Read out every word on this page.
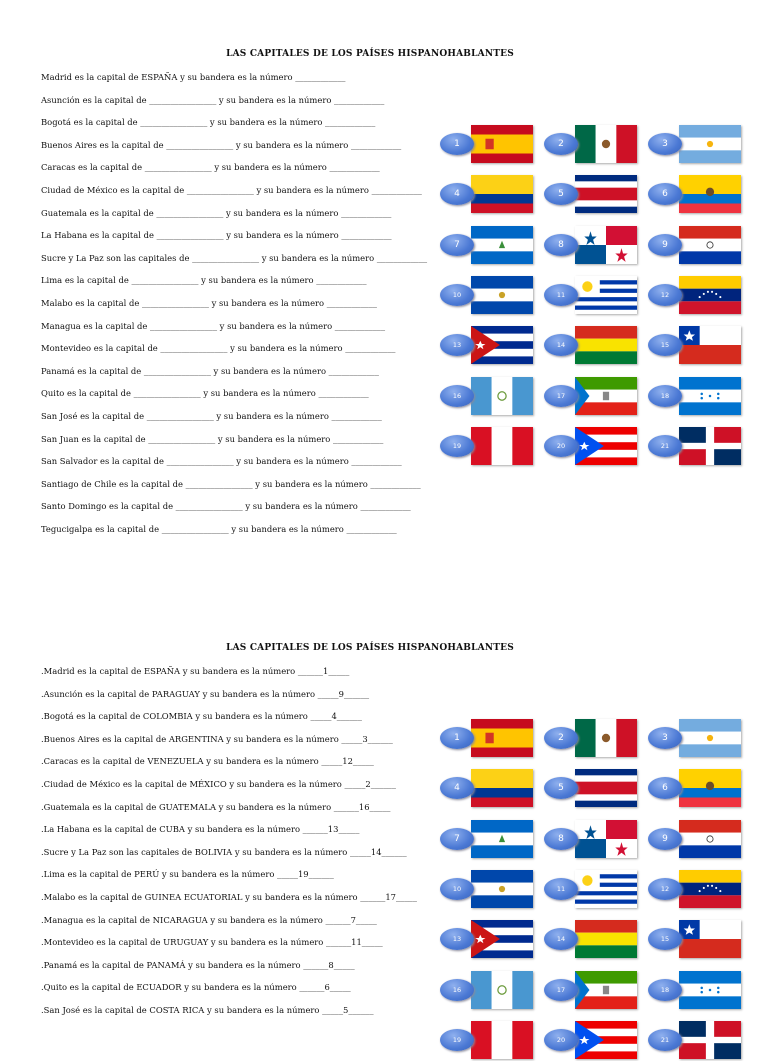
LAS CAPITALES DE LOS PAÍSES HISPANOHABLANTES
Madrid es la capital de ESPAÑA y su bandera es la número ____________
Asunción es la capital de ________________ y su bandera es la número ____________
Bogotá es la capital de ________________ y su bandera es la número ____________
Buenos Aires es la capital de ________________ y su bandera es la número ____________
Caracas es la capital de ________________ y su bandera es la número ____________
Ciudad de México es la capital de ________________ y su bandera es la número ____________
Guatemala es la capital de ________________ y su bandera es la número ____________
La Habana es la capital de ________________ y su bandera es la número ____________
Sucre y La Paz son las capitales de ________________ y su bandera es la número ____________
Lima es la capital de ________________ y su bandera es la número ____________
Malabo es la capital de ________________ y su bandera es la número ____________
Managua es la capital de ________________ y su bandera es la número ____________
Montevideo es la capital de ________________ y su bandera es la número ____________
Panamá es la capital de ________________ y su bandera es la número ____________
Quito es la capital de ________________ y su bandera es la número ____________
San José es la capital de ________________ y su bandera es la número ____________
San Juan es la capital de ________________ y su bandera es la número ____________
San Salvador es la capital de ________________ y su bandera es la número ____________
Santiago de Chile es la capital de ________________ y su bandera es la número ____________
Santo Domingo es la capital de ________________ y su bandera es la número ____________
Tegucigalpa es la capital de ________________ y su bandera es la número ____________
1	2	3
4	5	6
7	8	9
10	11	12
13	14	15
16	17	18
19	20	21
LAS CAPITALES DE LOS PAÍSES HISPANOHABLANTES
.Madrid es la capital de ESPAÑA y su bandera es la número ______1_____
.Asunción es la capital de PARAGUAY y su bandera es la número _____9______
.Bogotá es la capital de COLOMBIA y su bandera es la número _____4______
.Buenos Aires es la capital de ARGENTINA y su bandera es la número _____3______
.Caracas es la capital de VENEZUELA y su bandera es la número _____12_____
.Ciudad de México es la capital de MÉXICO y su bandera es la número _____2______
.Guatemala es la capital de GUATEMALA y su bandera es la número ______16_____
.La Habana es la capital de CUBA y su bandera es la número ______13_____
.Sucre y La Paz son las capitales de BOLIVIA y su bandera es la número _____14______
.Lima es la capital de PERÚ y su bandera es la número _____19______
.Malabo es la capital de GUINEA ECUATORIAL y su bandera es la número ______17_____
.Managua es la capital de NICARAGUA y su bandera es la número ______7_____
.Montevideo es la capital de URUGUAY y su bandera es la número ______11_____
.Panamá es la capital de PANAMÁ y su bandera es la número ______8_____
.Quito es la capital de ECUADOR y su bandera es la número ______6_____
.San José es la capital de COSTA RICA y su bandera es la número _____5______
1	2	3
4	5	6
7	8	9
10	11	12
13	14	15
16	17	18
19	20	21
